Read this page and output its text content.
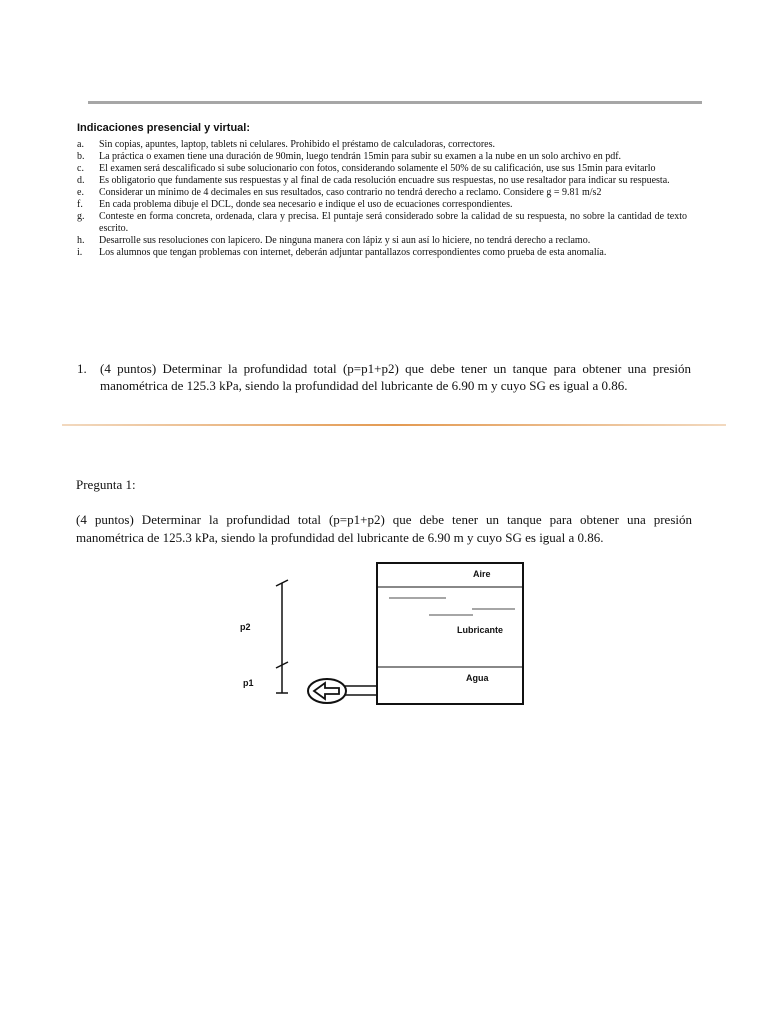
Indicaciones presencial y virtual:
a.	Sin copias, apuntes, laptop, tablets ni celulares. Prohibido el préstamo de calculadoras, correctores.
b.	La práctica o examen tiene una duración de 90min, luego tendrán 15min para subir su examen a la nube en un solo archivo en pdf.
c.	El examen será descalificado si sube solucionario con fotos, considerando solamente el 50% de su calificación, use sus 15min para evitarlo
d.	Es obligatorio que fundamente sus respuestas y al final de cada resolución encuadre sus respuestas, no use resaltador para indicar su respuesta.
e.	Considerar un mínimo de 4 decimales en sus resultados, caso contrario no tendrá derecho a reclamo. Considere g = 9.81 m/s2
f.	En cada problema dibuje el DCL, donde sea necesario e indique el uso de ecuaciones correspondientes.
g.	Conteste en forma concreta, ordenada, clara y precisa. El puntaje será considerado sobre la calidad de su respuesta, no sobre la cantidad de texto escrito.
h.	Desarrolle sus resoluciones con lapicero. De ninguna manera con lápiz y si aun así lo hiciere, no tendrá derecho a reclamo.
i.	Los alumnos que tengan problemas con internet, deberán adjuntar pantallazos correspondientes como prueba de esta anomalía.
1.	(4 puntos) Determinar la profundidad total (p=p1+p2) que debe tener un tanque para obtener una presión manométrica de 125.3 kPa, siendo la profundidad del lubricante de 6.90 m y cuyo SG es igual a 0.86.
Pregunta 1:
(4 puntos) Determinar la profundidad total (p=p1+p2) que debe tener un tanque para obtener una presión manométrica de 125.3 kPa, siendo la profundidad del lubricante de 6.90 m y cuyo SG es igual a 0.86.
p2
p1
Aire
Lubricante
Agua
